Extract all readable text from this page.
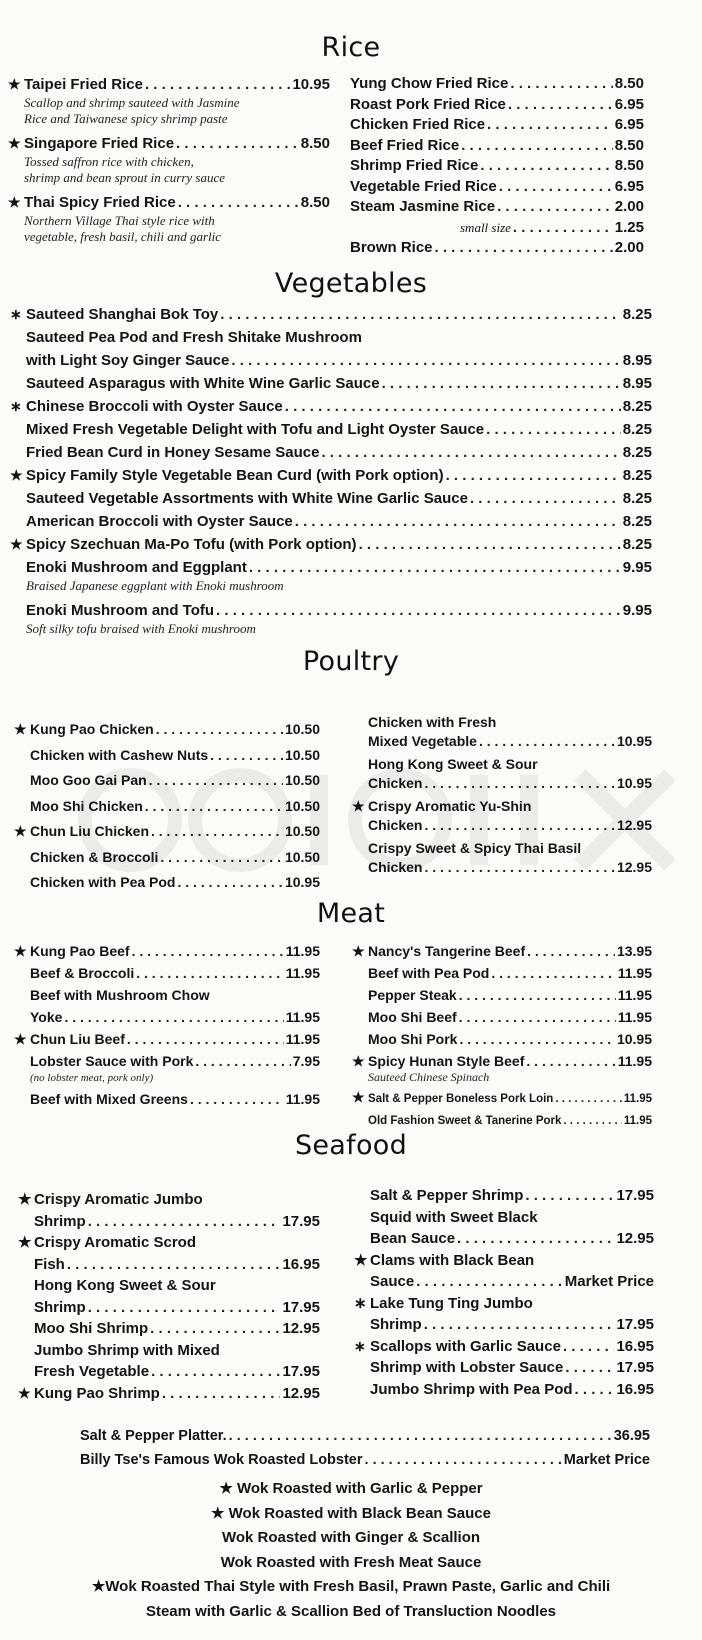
Rice
★ Taipei Fried Rice . . .	10.95
Scallop and shrimp sauteed with Jasmine
Rice and Taiwanese spicy shrimp paste
★ Singapore Fried Rice . . .	8.50
Tossed saffron rice with chicken,
shrimp and bean sprout in curry sauce
★ Thai Spicy Fried Rice . . .	8.50
Northern Village Thai style rice with
vegetable, fresh basil, chili and garlic
Yung Chow Fried Rice . . .	8.50
Roast Pork Fried Rice . . .	6.95
Chicken Fried Rice . . .	6.95
Beef Fried Rice . . .	8.50
Shrimp Fried Rice . . .	8.50
Vegetable Fried Rice . . .	6.95
Steam Jasmine Rice . . .	2.00
small size . . .	1.25
Brown Rice . . .	2.00
Vegetables
∗ Sauteed Shanghai Bok Toy . . .	8.25
Sauteed Pea Pod and Fresh Shitake Mushroom
with Light Soy Ginger Sauce . . .	8.95
Sauteed Asparagus with White Wine Garlic Sauce . . .	8.95
∗ Chinese Broccoli with Oyster Sauce . . .	8.25
Mixed Fresh Vegetable Delight with Tofu and Light Oyster Sauce . . .	8.25
Fried Bean Curd in Honey Sesame Sauce . . .	8.25
★ Spicy Family Style Vegetable Bean Curd (with Pork option) . . .	8.25
Sauteed Vegetable Assortments with White Wine Garlic Sauce . . .	8.25
American Broccoli with Oyster Sauce . . .	8.25
★ Spicy Szechuan Ma-Po Tofu (with Pork option) . . .	8.25
Enoki Mushroom and Eggplant . . .	9.95
Braised Japanese eggplant with Enoki mushroom
Enoki Mushroom and Tofu . . .	9.95
Soft silky tofu braised with Enoki mushroom
Poultry
★ Kung Pao Chicken . . .	10.50
Chicken with Cashew Nuts . . .	10.50
Moo Goo Gai Pan . . .	10.50
Moo Shi Chicken . . .	10.50
★ Chun Liu Chicken . . .	10.50
Chicken & Broccoli . . .	10.50
Chicken with Pea Pod . . .	10.95
Chicken with Fresh
Mixed Vegetable . . .	10.95
Hong Kong Sweet & Sour
Chicken . . .	10.95
★ Crispy Aromatic Yu-Shin
Chicken . . .	12.95
Crispy Sweet & Spicy Thai Basil
Chicken . . .	12.95
Meat
★ Kung Pao Beef . . .	11.95
Beef & Broccoli . . .	11.95
Beef with Mushroom Chow
Yoke . . .	11.95
★ Chun Liu Beef . . .	11.95
Lobster Sauce with Pork . . .	7.95
(no lobster meat, pork only)
Beef with Mixed Greens . . .	11.95
★ Nancy's Tangerine Beef . . .	13.95
Beef with Pea Pod . . .	11.95
Pepper Steak . . .	11.95
Moo Shi Beef . . .	11.95
Moo Shi Pork . . .	10.95
★ Spicy Hunan Style Beef . . .	11.95
Sauteed Chinese Spinach
★ Salt & Pepper Boneless Pork Loin . . .	11.95
Old Fashion Sweet & Tanerine Pork . . .	11.95
Seafood
★ Crispy Aromatic Jumbo
Shrimp . . .	17.95
★ Crispy Aromatic Scrod
Fish . . .	16.95
Hong Kong Sweet & Sour
Shrimp . . .	17.95
Moo Shi Shrimp . . .	12.95
Jumbo Shrimp with Mixed
Fresh Vegetable . . .	17.95
★ Kung Pao Shrimp . . .	12.95
Salt & Pepper Shrimp . . .	17.95
Squid with Sweet Black
Bean Sauce . . .	12.95
★ Clams with Black Bean
Sauce . . .	Market Price
∗ Lake Tung Ting Jumbo
Shrimp . . .	17.95
∗ Scallops with Garlic Sauce . . .	16.95
Shrimp with Lobster Sauce . . .	17.95
Jumbo Shrimp with Pea Pod . . .	16.95
Salt & Pepper Platter. . . .	36.95
Billy Tse's Famous Wok Roasted Lobster . . .	Market Price
★ Wok Roasted with Garlic & Pepper
★ Wok Roasted with Black Bean Sauce
Wok Roasted with Ginger & Scallion
Wok Roasted with Fresh Meat Sauce
★Wok Roasted Thai Style with Fresh Basil, Prawn Paste, Garlic and Chili
Steam with Garlic & Scallion Bed of Transluction Noodles
